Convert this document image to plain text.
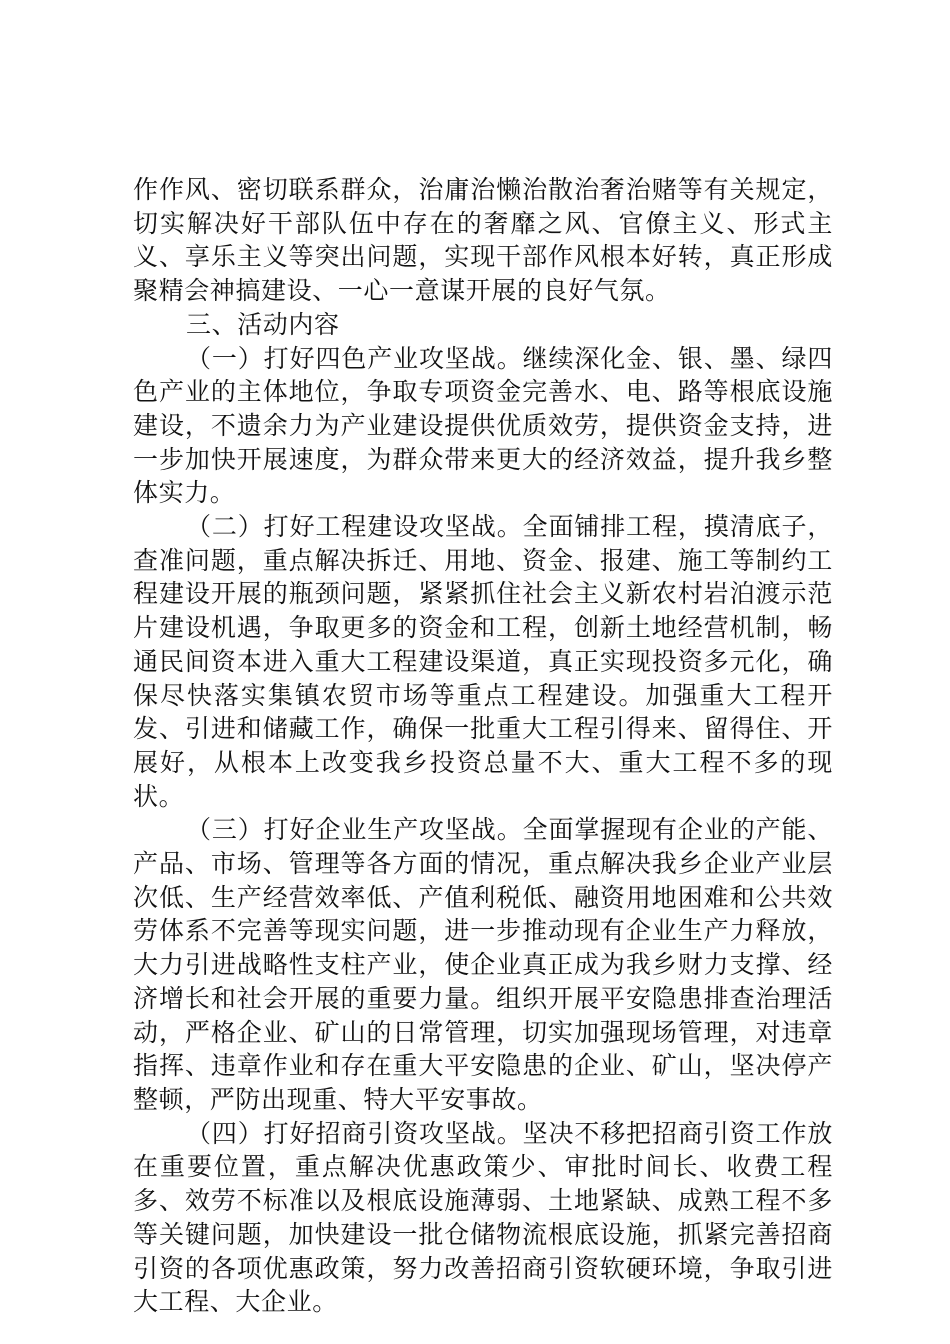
作作风、密切联系群众，治庸治懒治散治奢治赌等有关规定，切实解决好干部队伍中存在的奢靡之风、官僚主义、形式主义、享乐主义等突出问题，实现干部作风根本好转，真正形成聚精会神搞建设、一心一意谋开展的良好气氛。

三、活动内容

（一）打好四色产业攻坚战。继续深化金、银、墨、绿四色产业的主体地位，争取专项资金完善水、电、路等根底设施建设，不遗余力为产业建设提供优质效劳，提供资金支持，进一步加快开展速度，为群众带来更大的经济效益，提升我乡整体实力。

（二）打好工程建设攻坚战。全面铺排工程，摸清底子，查准问题，重点解决拆迁、用地、资金、报建、施工等制约工程建设开展的瓶颈问题，紧紧抓住社会主义新农村岩泊渡示范片建设机遇，争取更多的资金和工程，创新土地经营机制，畅通民间资本进入重大工程建设渠道，真正实现投资多元化，确保尽快落实集镇农贸市场等重点工程建设。加强重大工程开发、引进和储藏工作，确保一批重大工程引得来、留得住、开展好，从根本上改变我乡投资总量不大、重大工程不多的现状。

（三）打好企业生产攻坚战。全面掌握现有企业的产能、产品、市场、管理等各方面的情况，重点解决我乡企业产业层次低、生产经营效率低、产值利税低、融资用地困难和公共效劳体系不完善等现实问题，进一步推动现有企业生产力释放，大力引进战略性支柱产业，使企业真正成为我乡财力支撑、经济增长和社会开展的重要力量。组织开展平安隐患排查治理活动，严格企业、矿山的日常管理，切实加强现场管理，对违章指挥、违章作业和存在重大平安隐患的企业、矿山，坚决停产整顿，严防出现重、特大平安事故。

（四）打好招商引资攻坚战。坚决不移把招商引资工作放在重要位置，重点解决优惠政策少、审批时间长、收费工程多、效劳不标准以及根底设施薄弱、土地紧缺、成熟工程不多等关键问题，加快建设一批仓储物流根底设施，抓紧完善招商引资的各项优惠政策，努力改善招商引资软硬环境，争取引进大工程、大企业。
